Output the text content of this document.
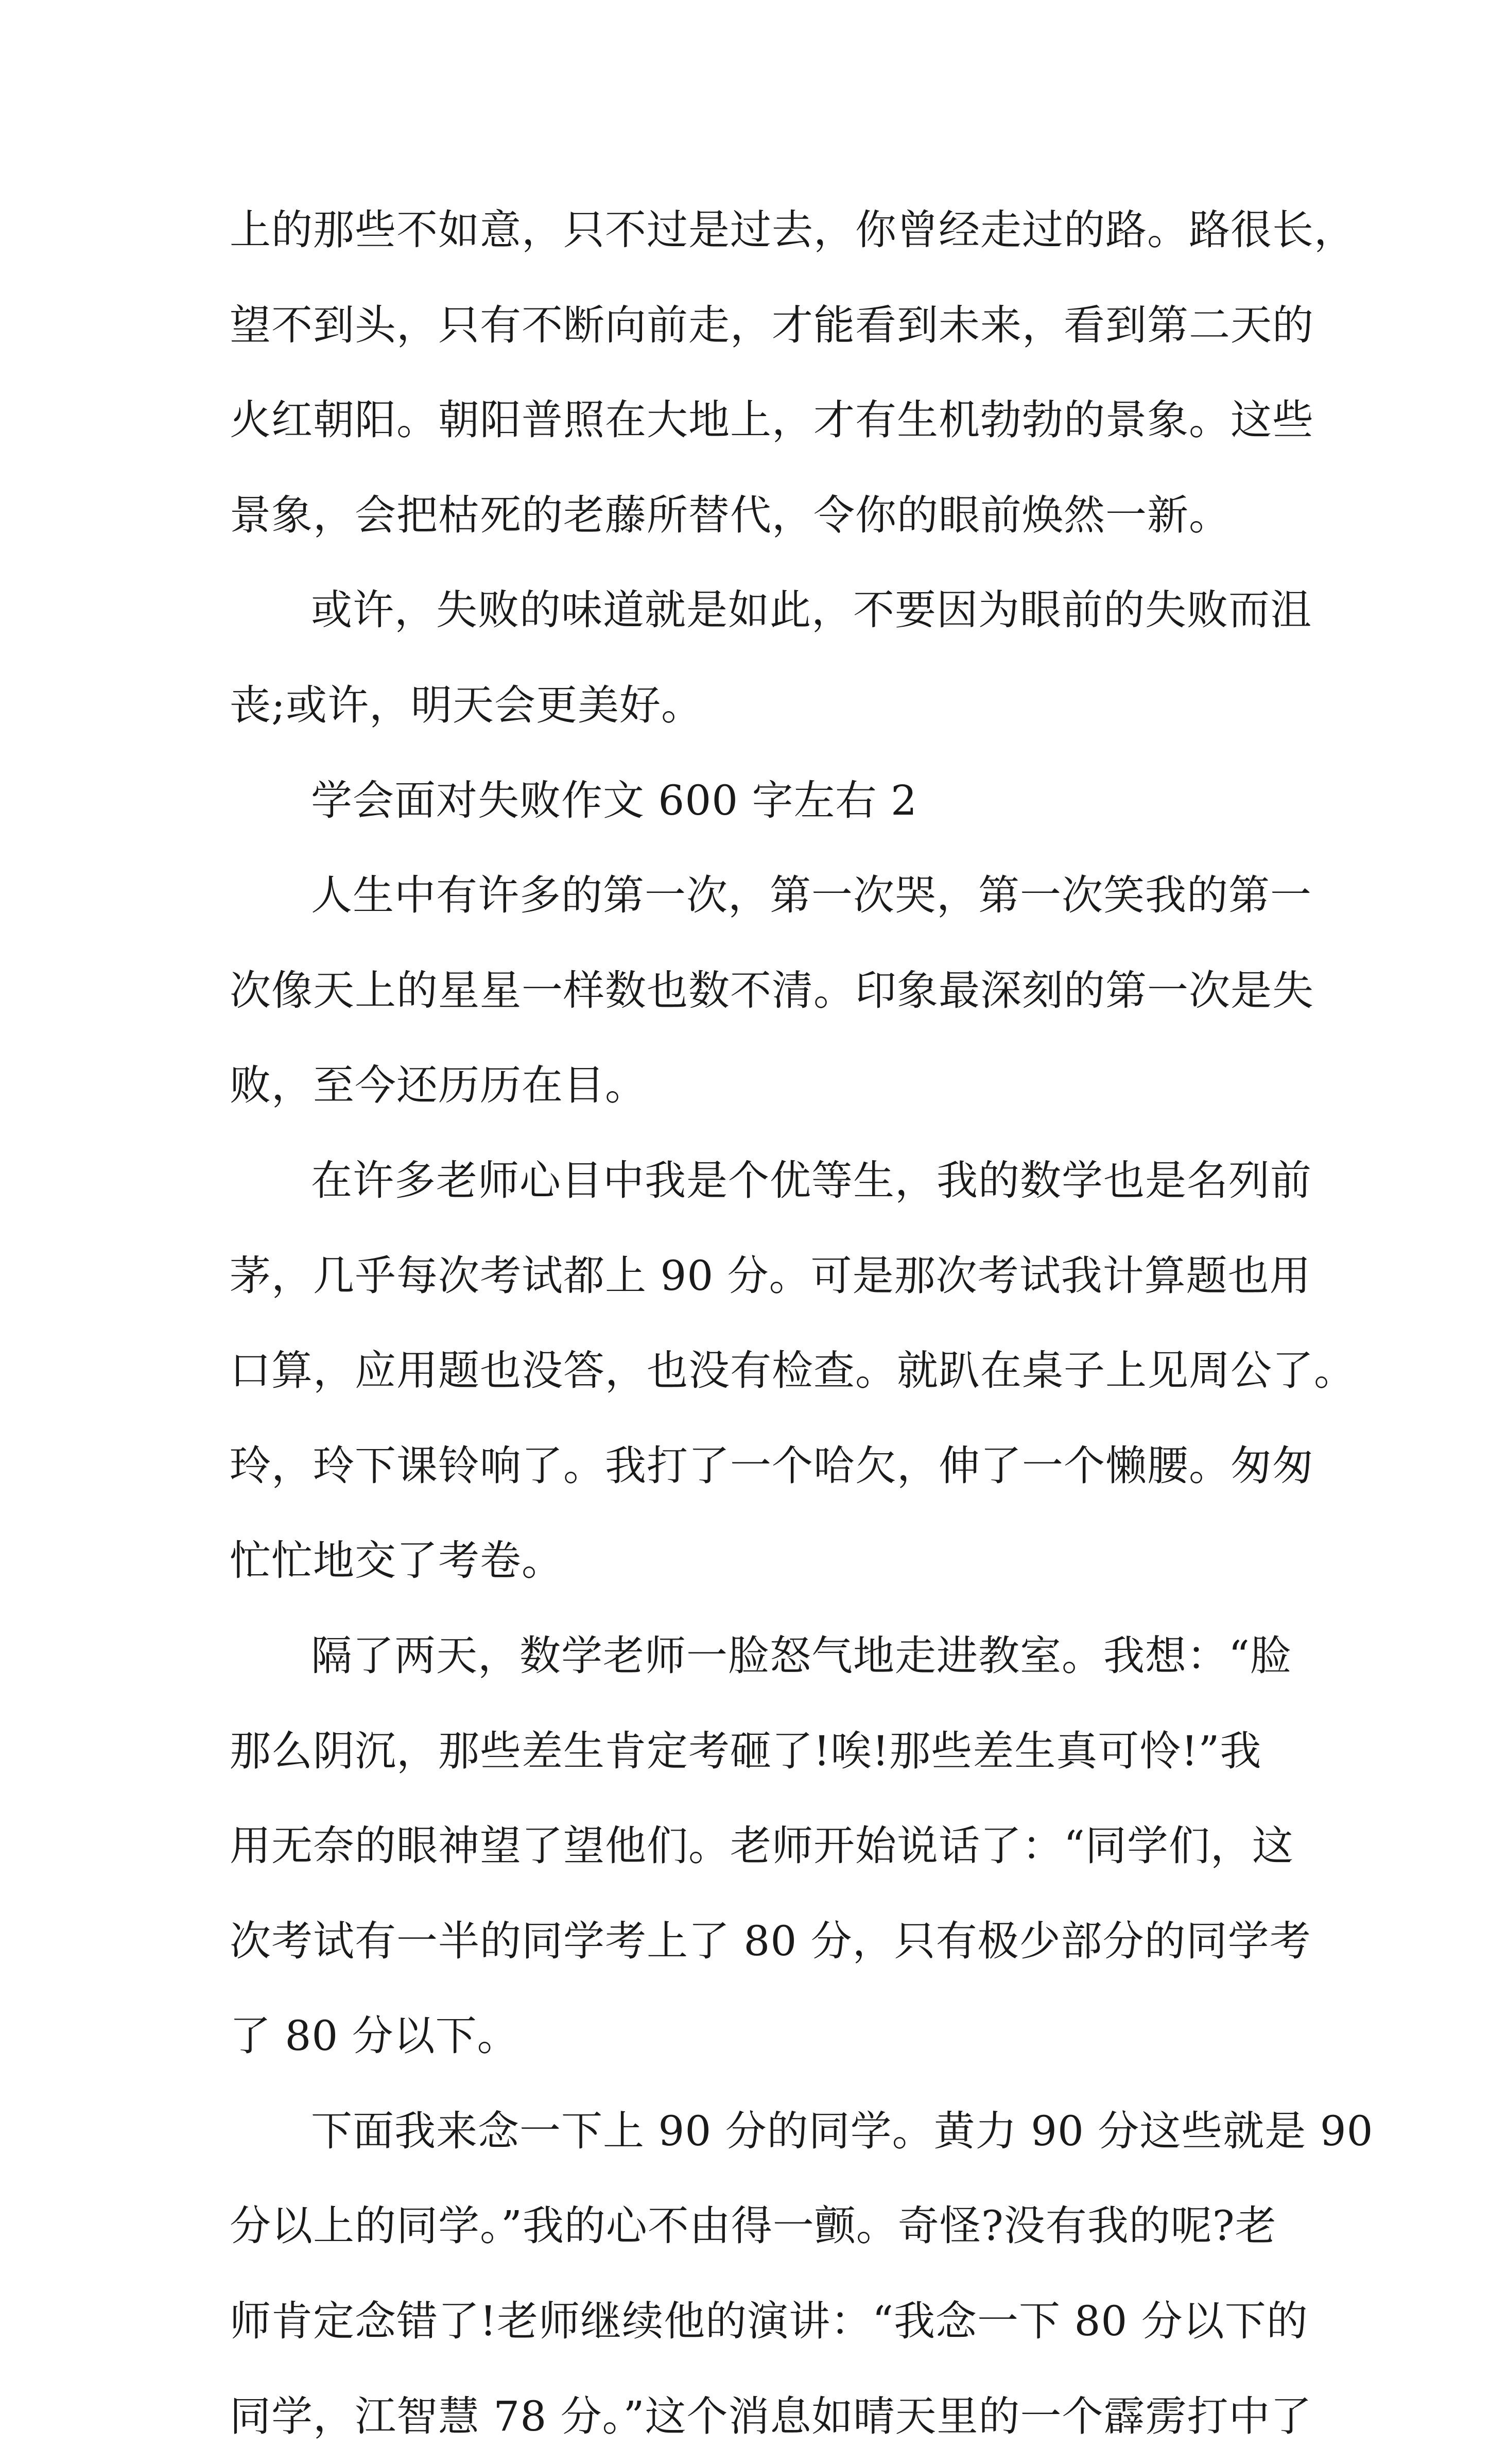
上的那些不如意，只不过是过去，你曾经走过的路。路很长，
望不到头，只有不断向前走，才能看到未来，看到第二天的
火红朝阳。朝阳普照在大地上，才有生机勃勃的景象。这些
景象，会把枯死的老藤所替代，令你的眼前焕然一新。
或许，失败的味道就是如此，不要因为眼前的失败而沮
丧;或许，明天会更美好。
学会面对失败作文 600 字左右 2
人生中有许多的第一次，第一次哭，第一次笑我的第一
次像天上的星星一样数也数不清。印象最深刻的第一次是失
败，至今还历历在目。
在许多老师心目中我是个优等生，我的数学也是名列前
茅，几乎每次考试都上 90 分。可是那次考试我计算题也用
口算，应用题也没答，也没有检查。就趴在桌子上见周公了。
玲，玲下课铃响了。我打了一个哈欠，伸了一个懒腰。匆匆
忙忙地交了考卷。
隔了两天，数学老师一脸怒气地走进教室。我想：“脸
那么阴沉，那些差生肯定考砸了!唉!那些差生真可怜!”我
用无奈的眼神望了望他们。老师开始说话了：“同学们，这
次考试有一半的同学考上了 80 分，只有极少部分的同学考
了 80 分以下。
下面我来念一下上 90 分的同学。黄力 90 分这些就是 90
分以上的同学。”我的心不由得一颤。奇怪?没有我的呢?老
师肯定念错了!老师继续他的演讲：“我念一下 80 分以下的
同学，江智慧 78 分。”这个消息如晴天里的一个霹雳打中了
